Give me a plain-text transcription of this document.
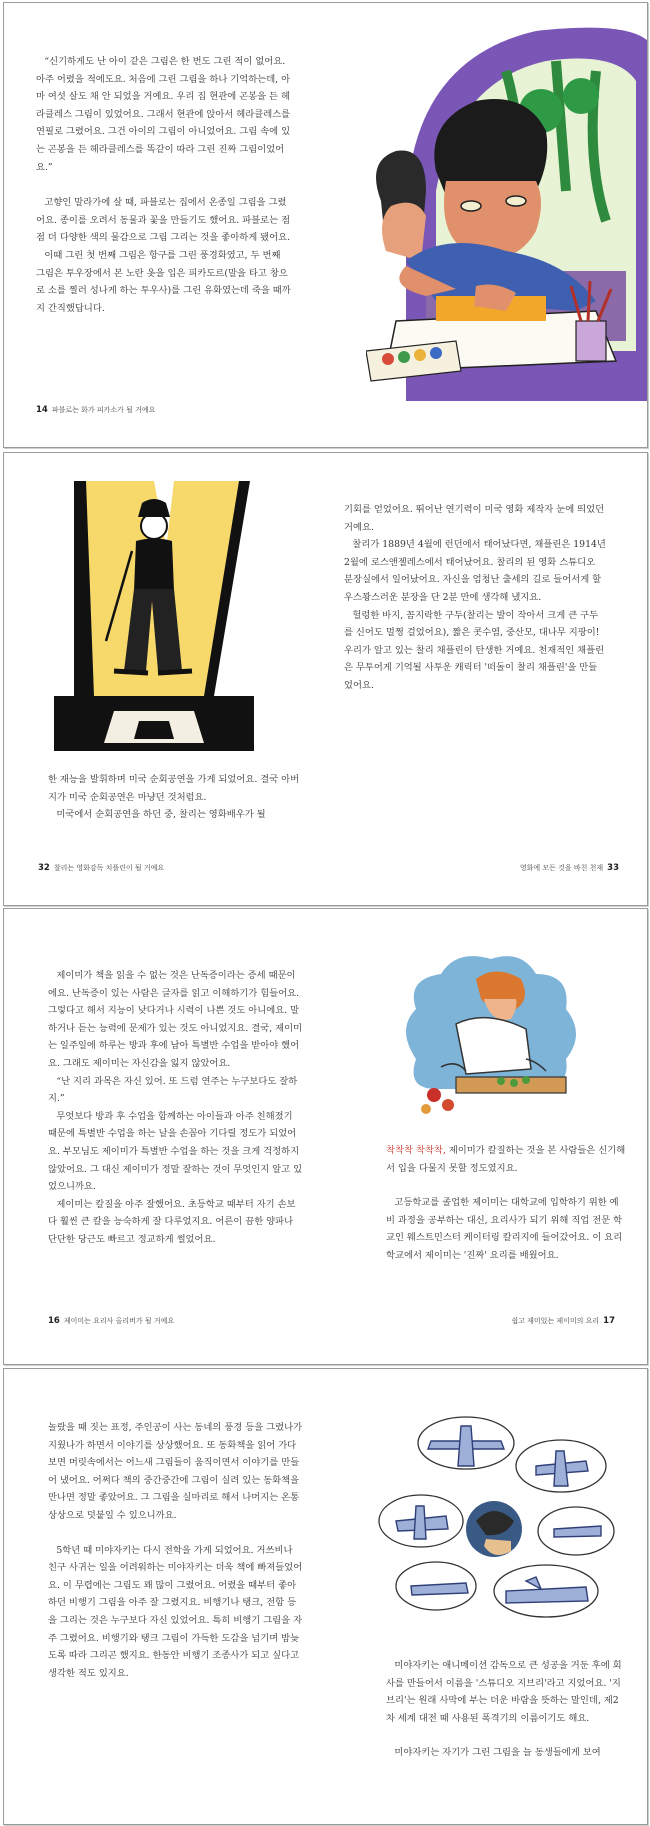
“신기하게도 난 아이 같은 그림은 한 번도 그린 적이 없어요. 아주 어렸을 적에도요. 처음에 그린 그림을 하나 기억하는데, 아마 여섯 살도 채 안 되었을 거예요. 우리 집 현관에 곤봉을 든 헤라클레스 그림이 있었어요. 그래서 현관에 앉아서 헤라클레스를 연필로 그렸어요. 그건 아이의 그림이 아니었어요. 그림 속에 있는 곤봉을 든 헤라클레스를 똑같이 따라 그린 진짜 그림이었어요.”

고향인 말라가에 살 때, 파블로는 집에서 온종일 그림을 그렸어요. 종이를 오려서 동물과 꽃을 만들기도 했어요. 파블로는 점점 더 다양한 색의 물감으로 그림 그리는 것을 좋아하게 됐어요.

이때 그린 첫 번째 그림은 항구를 그린 풍경화였고, 두 번째 그림은 투우장에서 본 노란 옷을 입은 피카도르(말을 타고 창으로 소를 찔러 성나게 하는 투우사)를 그린 유화였는데 죽을 때까지 간직했답니다.

14 파블로는 화가 피카소가 될 거예요

한 재능을 발휘하며 미국 순회공연을 가게 되었어요. 결국 아버지가 미국 순회공연은 마냥던 것처럼요.

미국에서 순회공연을 하던 중, 찰리는 영화배우가 될

기회를 얻었어요. 뛰어난 연기력이 미국 영화 제작자 눈에 띄었던 거예요.

찰리가 1889년 4월에 런던에서 태어났다면, 채플린은 1914년 2월에 로스앤젤레스에서 태어났어요. 찰리의 된 영화 스튜디오 분장실에서 일어났어요. 자신을 엄청난 출세의 길로 들어서게 할 우스꽝스러운 분장을 단 2분 만에 생각해 냈지요.

헐렁한 바지, 꼼지락한 구두(찰리는 발이 작아서 크게 큰 구두를 신어도 멀쩡 걸었어요), 짧은 콧수염, 중산모, 대나무 지팡이! 우리가 알고 있는 찰리 채플린이 탄생한 거예요. 천재적인 채플린은 무투어게 기억될 사투운 캐릭터 '떠돌이 찰리 채플린'을 만들었어요.

32 찰리는 영화감독 치플린이 될 거예요	영화에 모든 것을 바친 천재 33

제이미가 책을 읽을 수 없는 것은 난독증이라는 증세 때문이에요. 난독증이 있는 사람은 글자를 읽고 이해하기가 힘들어요. 그렇다고 해서 지능이 낮다거나 시력이 나쁜 것도 아니에요. 말하거나 듣는 능력에 문제가 있는 것도 아니었지요. 결국, 제이미는 일주일에 하루는 방과 후에 남아 특별반 수업을 받아야 했어요. 그래도 제이미는 자신감을 잃지 않았어요.

“난 지리 과목은 자신 있어. 또 드럼 연주는 누구보다도 잘하지.”

무엇보다 방과 후 수업을 함께하는 아이들과 아주 친해졌기 때문에 특별반 수업을 하는 날을 손꼽아 기다릴 정도가 되었어요. 부모님도 제이미가 특별반 수업을 하는 것을 크게 걱정하지 않았어요. 그 대신 제이미가 정말 잘하는 것이 무엇인지 알고 있었으니까요.

제이미는 칼질을 아주 잘했어요. 초등학교 때부터 자기 손보다 훨씬 큰 칼을 능숙하게 잘 다루었지요. 어른이 끔한 양파나 단단한 당근도 빠르고 정교하게 썰었어요.

착착착 착착착, 제이미가 칼질하는 것을 본 사람들은 신기해서 입을 다물지 못할 정도였지요.

고등학교를 졸업한 제이미는 대학교에 입학하기 위한 예비 과정을 공부하는 대신, 요리사가 되기 위해 직업 전문 학교인 웨스트민스터 케이터링 칼리지에 들어갔어요. 이 요리 학교에서 제이미는 '진짜' 요리를 배웠어요.

16 제이미는 요리사 올리버가 될 거예요	쉽고 재미있는 제이미의 요리 17

놀랐을 때 짓는 표정, 주인공이 사는 동네의 풍경 등을 그렸나가 지웠나가 하면서 이야기를 상상했어요. 또 동화책을 읽어 가다 보면 머릿속에서는 어느새 그림들이 움직이면서 이야기를 만들어 냈어요. 어쩌다 책의 중간중간에 그림이 실려 있는 동화책을 만나면 정말 좋았어요. 그 그림을 실마리로 해서 나머지는 온통 상상으로 덧붙일 수 있으니까요.

5학년 때 미야자키는 다시 전학을 가게 되었어요. 거쓰비나 친구 사귀는 일을 어려워하는 미야자키는 더욱 책에 빠져들었어요. 이 무렵에는 그림도 꽤 많이 그렸어요. 어렸을 때부터 좋아하던 비행기 그림을 아주 잘 그렸지요. 비행기나 탱크, 전함 등을 그리는 것은 누구보다 자신 있었어요. 특히 비행기 그림을 자주 그렸어요. 비행기와 탱크 그림이 가득한 도감을 넘기며 밤늦도록 따라 그리곤 했지요. 한동안 비행기 조종사가 되고 싶다고 생각한 적도 있지요.

미야자키는 애니메이션 감독으로 큰 성공을 거둔 후에 회사를 만들어서 이름을 '스튜디오 지브리'라고 지었어요. '지브리'는 원래 사막에 부는 더운 바람을 뜻하는 말인데, 제2차 세계 대전 때 사용된 폭격기의 이름이기도 해요.

미야자키는 자기가 그린 그림을 늘 동생들에게 보여
